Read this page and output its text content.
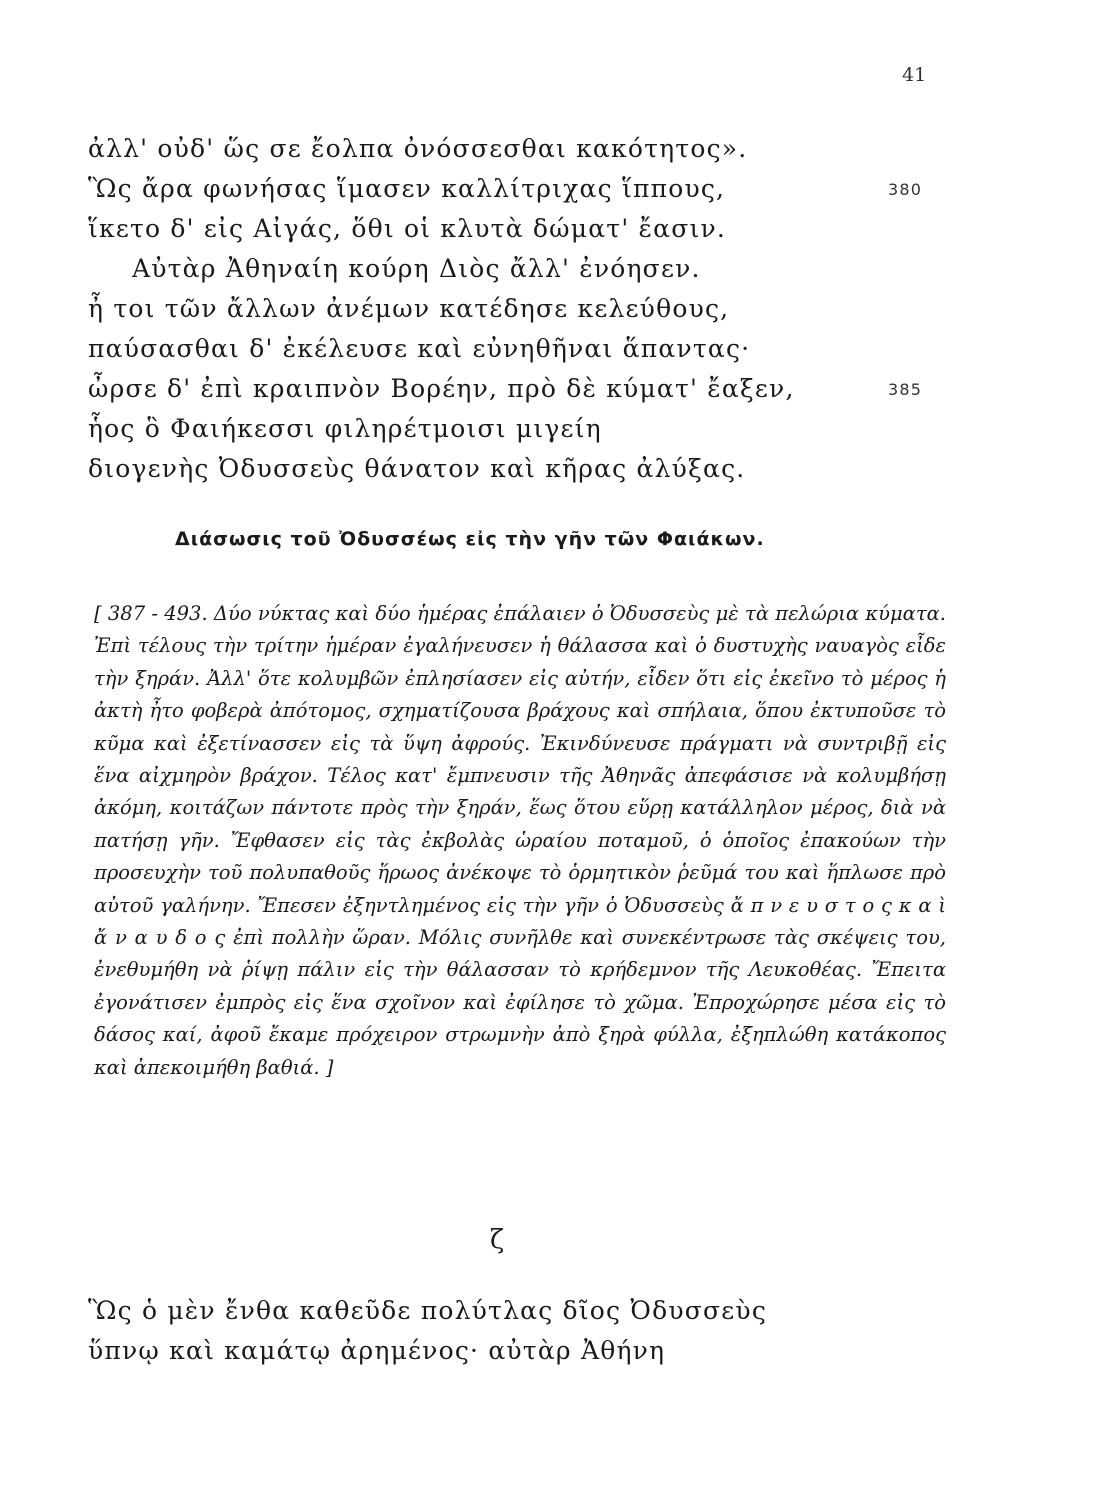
41
ἀλλ' οὐδ' ὥς σε ἔολπα ὀνόσσεσθαι κακότητος».
Ὣς ἄρα φωνήσας ἵμασεν καλλίτριχας ἵππους,	380
ἵκετο δ' εἰς Αἰγάς, ὅθι οἱ κλυτὰ δώματ' ἔασιν.
Αὐτὰρ Ἀθηναίη κούρη Διὸς ἄλλ' ἐνόησεν.
ἦ τοι τῶν ἄλλων ἀνέμων κατέδησε κελεύθους,
παύσασθαι δ' ἐκέλευσε καὶ εὐνηθῆναι ἅπαντας·
ὦρσε δ' ἐπὶ κραιπνὸν Βορέην, πρὸ δὲ κύματ' ἔαξεν,	385
ἧος ὃ Φαιήκεσσι φιληρέτμοισι μιγείη
διογενὴς Ὀδυσσεὺς θάνατον καὶ κῆρας ἀλύξας.
Διάσωσις τοῦ Ὀδυσσέως εἰς τὴν γῆν τῶν Φαιάκων.
[ 387 - 493. Δύο νύκτας καὶ δύο ἡμέρας ἐπάλαιεν ὁ Ὀδυσσεὺς μὲ τὰ πελώρια κύματα. Ἐπὶ τέλους τὴν τρίτην ἡμέραν ἐγαλήνευσεν ἡ θάλασσα καὶ ὁ δυστυχὴς ναυαγὸς εἶδε τὴν ξηράν. Ἀλλ' ὅτε κολυμβῶν ἐπλησίασεν εἰς αὐτήν, εἶδεν ὅτι εἰς ἐκεῖνο τὸ μέρος ἡ ἀκτὴ ἦτο φοβερὰ ἀπότομος, σχηματίζουσα βράχους καὶ σπήλαια, ὅπου ἐκτυποῦσε τὸ κῦμα καὶ ἐξετίνασσεν εἰς τὰ ὕψη ἀφρούς. Ἐκινδύνευσε πράγματι νὰ συντριβῇ εἰς ἕνα αἰχμηρὸν βράχον. Τέλος κατ' ἔμπνευσιν τῆς Ἀθηνᾶς ἀπεφάσισε νὰ κολυμβήσῃ ἀκόμη, κοιτάζων πάντοτε πρὸς τὴν ξηράν, ἕως ὅτου εὕρῃ κατάλληλον μέρος, διὰ νὰ πατήσῃ γῆν. Ἔφθασεν εἰς τὰς ἐκβολὰς ὡραίου ποταμοῦ, ὁ ὁποῖος ἐπακούων τὴν προσευχὴν τοῦ πολυπαθοῦς ἥρωος ἀνέκοψε τὸ ὁρμητικὸν ῥεῦμά του καὶ ἥπλωσε πρὸ αὐτοῦ γαλήνην. Ἔπεσεν ἐξηντλημένος εἰς τὴν γῆν ὁ Ὀδυσσεὺς ἄ π ν ε υ σ τ ο ς κ α ὶ ἄ ν α υ δ ο ς ἐπὶ πολλὴν ὥραν. Μόλις συνῆλθε καὶ συνεκέντρωσε τὰς σκέψεις του, ἐνεθυμήθη νὰ ῥίψῃ πάλιν εἰς τὴν θάλασσαν τὸ κρήδεμνον τῆς Λευκοθέας. Ἔπειτα ἐγονάτισεν ἐμπρὸς εἰς ἕνα σχοῖνον καὶ ἐφίλησε τὸ χῶμα. Ἐπροχώρησε μέσα εἰς τὸ δάσος καί, ἀφοῦ ἔκαμε πρόχειρον στρωμνὴν ἀπὸ ξηρὰ φύλλα, ἐξηπλώθη κατάκοπος καὶ ἀπεκοιμήθη βαθιά. ]
ζ
Ὣς ὁ μὲν ἔνθα καθεῦδε πολύτλας δῖος Ὀδυσσεὺς
ὕπνῳ καὶ καμάτῳ ἀρημένος· αὐτὰρ Ἀθήνη
